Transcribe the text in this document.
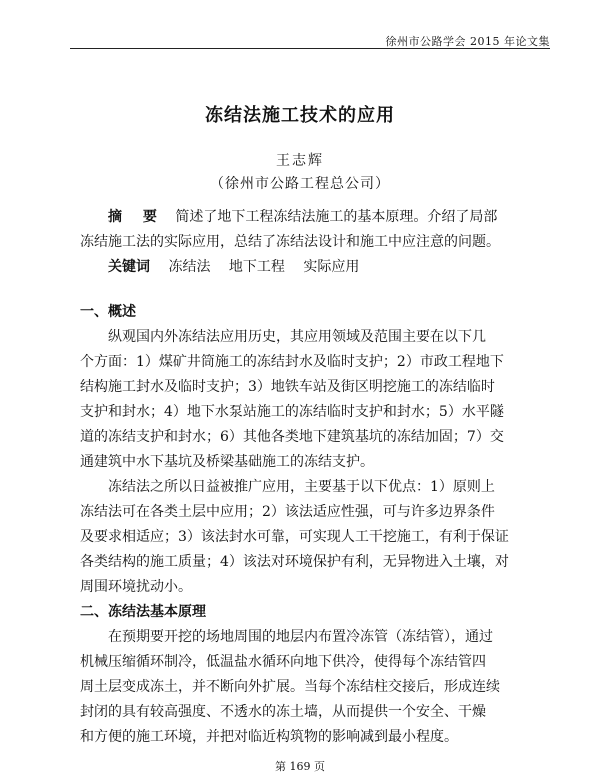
徐州市公路学会 2015 年论文集
冻结法施工技术的应用
王志辉
（徐州市公路工程总公司）
摘 要 简述了地下工程冻结法施工的基本原理。介绍了局部
冻结施工法的实际应用，总结了冻结法设计和施工中应注意的问题。
关键词 冻结法 地下工程 实际应用
一、概述
纵观国内外冻结法应用历史，其应用领域及范围主要在以下几
个方面：1）煤矿井筒施工的冻结封水及临时支护；2）市政工程地下
结构施工封水及临时支护；3）地铁车站及街区明挖施工的冻结临时
支护和封水；4）地下水泵站施工的冻结临时支护和封水；5）水平隧
道的冻结支护和封水；6）其他各类地下建筑基坑的冻结加固；7）交
通建筑中水下基坑及桥梁基础施工的冻结支护。
冻结法之所以日益被推广应用，主要基于以下优点：1）原则上
冻结法可在各类土层中应用；2）该法适应性强，可与许多边界条件
及要求相适应；3）该法封水可靠，可实现人工干挖施工，有利于保证
各类结构的施工质量；4）该法对环境保护有利，无异物进入土壤，对
周围环境扰动小。
二、冻结法基本原理
在预期要开挖的场地周围的地层内布置冷冻管（冻结管），通过
机械压缩循环制冷，低温盐水循环向地下供冷，使得每个冻结管四
周土层变成冻土，并不断向外扩展。当每个冻结柱交接后，形成连续
封闭的具有较高强度、不透水的冻土墙，从而提供一个安全、干燥
和方便的施工环境，并把对临近构筑物的影响减到最小程度。
第 169 页
